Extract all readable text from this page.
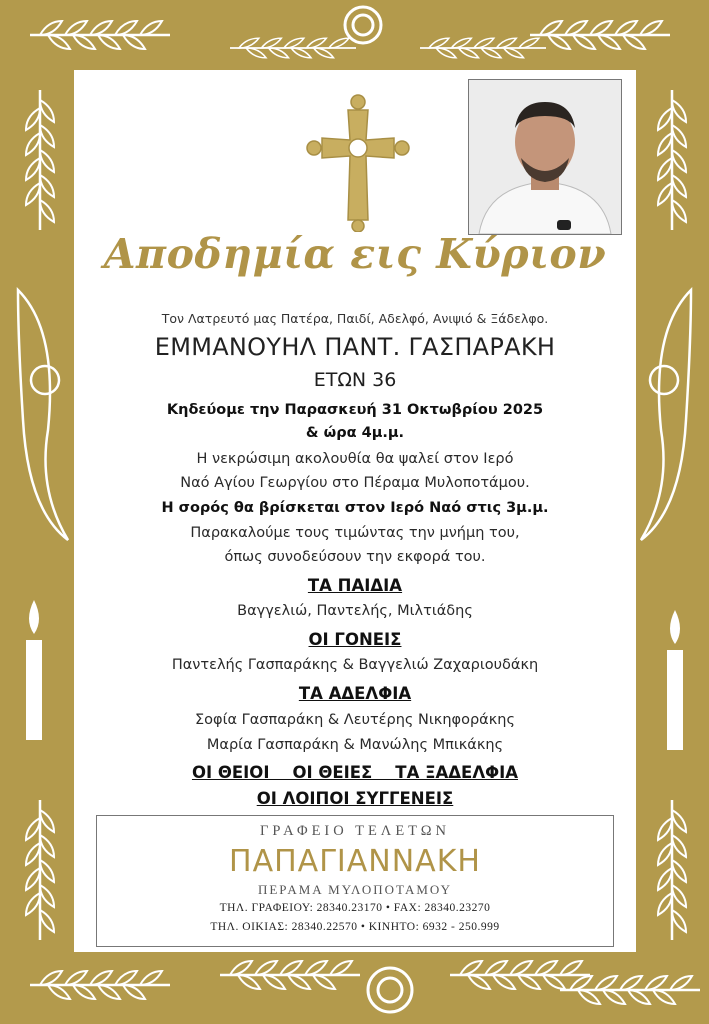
Αποδημία εις Κύριον
Τον Λατρευτό μας Πατέρα, Παιδί, Αδελφό, Ανιψιό & Ξάδελφο.
ΕΜΜΑΝΟΥΗΛ ΠΑΝΤ. ΓΑΣΠΑΡΑΚΗ
ΕΤΩΝ 36
Κηδεύομε την Παρασκευή 31 Οκτωβρίου 2025
& ώρα 4μ.μ.
Η νεκρώσιμη ακολουθία θα ψαλεί στον Ιερό
Ναό Αγίου Γεωργίου στο Πέραμα Μυλοποτάμου.
Η σορός θα βρίσκεται στον Ιερό Ναό στις 3μ.μ.
Παρακαλούμε τους τιμώντας την μνήμη του,
όπως συνοδεύσουν την εκφορά του.
ΤΑ ΠΑΙΔΙΑ
Βαγγελιώ, Παντελής, Μιλτιάδης
ΟΙ ΓΟΝΕΙΣ
Παντελής Γασπαράκης & Βαγγελιώ Ζαχαριουδάκη
ΤΑ ΑΔΕΛΦΙΑ
Σοφία Γασπαράκη & Λευτέρης Νικηφοράκης
Μαρία Γασπαράκη & Μανώλης Μπικάκης
ΟΙ ΘΕΙΟΙ    ΟΙ ΘΕΙΕΣ    ΤΑ ΞΑΔΕΛΦΙΑ
ΟΙ ΛΟΙΠΟΙ ΣΥΓΓΕΝΕΙΣ
ΓΡΑΦΕΙΟ ΤΕΛΕΤΩΝ
ΠΑΠΑΓΙΑΝΝΑΚΗ
ΠΕΡΑΜΑ ΜΥΛΟΠΟΤΑΜΟΥ
ΤΗΛ. ΓΡΑΦΕΙΟΥ: 28340.23170 • FAX: 28340.23270
ΤΗΛ. ΟΙΚΙΑΣ: 28340.22570 • ΚΙΝΗΤΟ: 6932 - 250.999
